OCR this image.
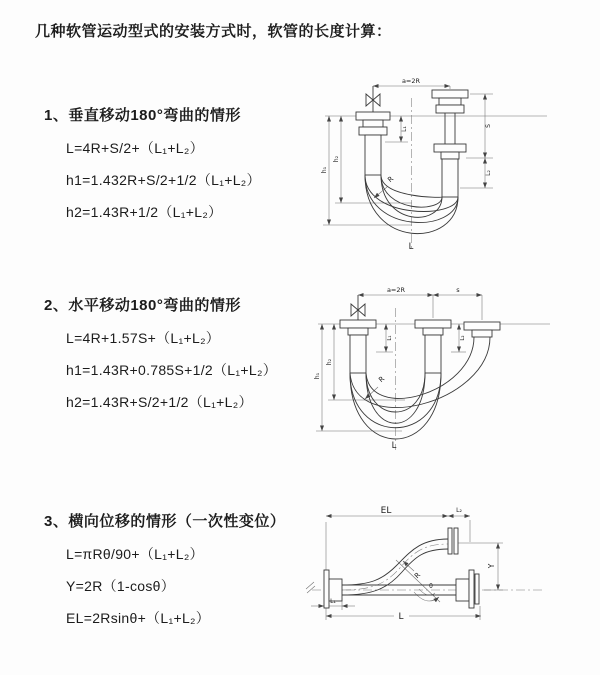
几种软管运动型式的安装方式时，软管的长度计算：
1、垂直移动180°弯曲的情形

L=4R+S/2+（L₁+L₂）

h1=1.432R+S/2+1/2（L₁+L₂）

h2=1.43R+1/2（L₁+L₂）

a=2R
L₁
S
L₂
h₁
h₂
R
L
2、水平移动180°弯曲的情形

L=4R+1.57S+（L₁+L₂）

h1=1.43R+0.785S+1/2（L₁+L₂）

h2=1.43R+S/2+1/2（L₁+L₂）

a=2R	s
L₁	L₂
h₁
h₂
R
L
3、横向位移的情形（一次性变位）

L=πRθ/90+（L₁+L₂）

Y=2R（1-cosθ）

EL=2Rsinθ+（L₁+L₂）

EL	L₂
Y
L
L₁
R
θ
